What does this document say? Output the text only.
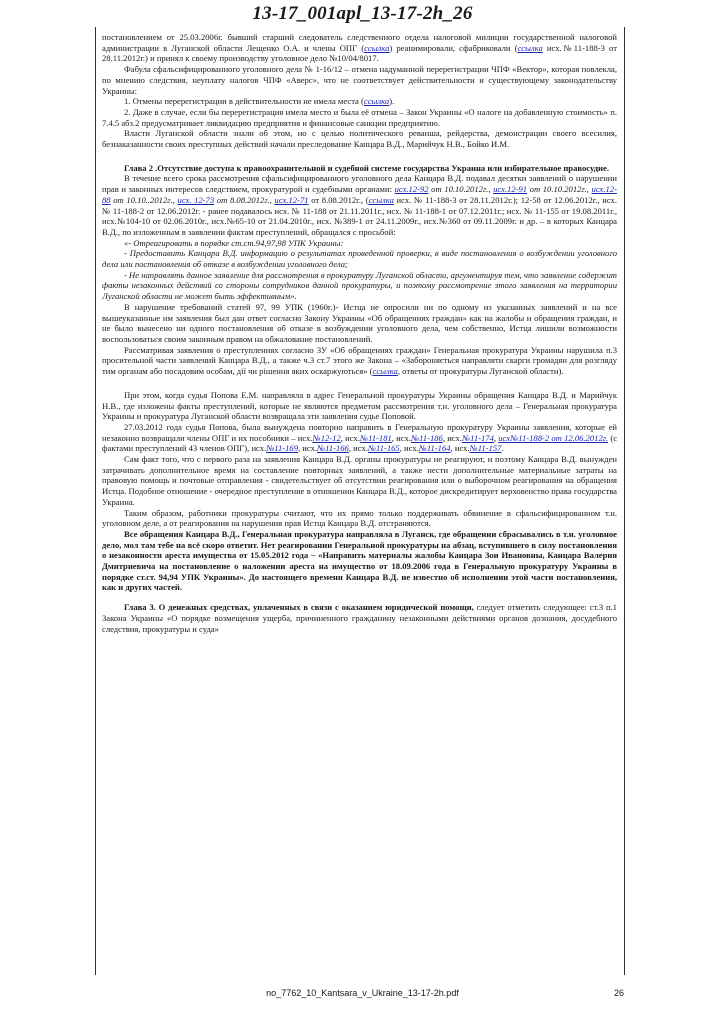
13-17_001apl_13-17-2h_26

постановлением от 25.03.2006г. бывший старший следователь следственного отдела налоговой милиции государственной налоговой администрации в Луганской области Лещенко О.А. и члены ОПГ (ссылка) реанимировали, сфабриковали (ссылка исх.№11-188-3 от 28.11.2012г.) и принял к своему производству уголовное дело №10/04/8017.

Фабула сфальсифицированного уголовного дела № 1-16/12 – отмена надуманной перерегистрации ЧПФ «Вектор», которая повлекла, по мнению следствия, неуплату налогов ЧПФ «Аверс», что не соответствует действительности и существующему законодательству Украины:

1. Отмены перерегистрации в действительности не имела места (ссылка).

2. Даже в случае, если бы перерегистрация имела место и была её отмена – Закон Украины «О налоге на добавленную стоимость» п. 7.4.5 абз.2 предусматривает ликвидацию предприятия и финансовые санкции предприятию.

Власти Луганской области знали об этом, но с целью политического реванша, рейдерства, демонстрации своего всесилия, безнаказанности своих преступных действий начали преследование Канцара В.Д., Марийчук Н.В., Бойко И.М.

Глава 2 .Отсутствие доступа к правоохранительной и судебной системе государства Украина или избирательное правосудие.

В течение всего срока рассмотрения сфальсифицированного уголовного дела Канцара В.Д. подавал десятки заявлений о нарушении прав и законных интересов следствием, прокуратурой и судебными органами: исх.12-92 от 10.10.2012г., исх.12-91 от 10.10.2012г., исх.12-88 от 10.10..2012г., исх. 12-73 от 8.08.2012г., исх.12-71 от 8.08.2012г., (ссылка исх. № 11-188-3 от 28.11.2012г.); 12-58 от 12.06.2012г., исх. № 11-188-2 от 12.06.2012г. - ранее подавалось исх. № 11-188 от 21.11.2011г., исх. № 11-188-1 от 07.12.2011г.; исх. № 11-155 от 19.08.2011г., исх.№104-10 от 02.06.2010г., исх.№65-10 от 21.04.2010г., исх. №389-1 от 24.11.2009г., исх.№360 от 09.11.2009г. и др. – в которых Канцара В.Д., по изложенным в заявлении фактам преступлений, обращался с просьбой:

«- Отреагировать в порядке ст.ст.94,97,98 УПК Украины:

- Предоставить Канцара В.Д. информацию о результатах проведенной проверки, в виде постановления о возбуждении уголовного дела или постановления об отказе в возбуждении уголовного дела;

- Не направлять данное заявление для рассмотрения в прокуратуру Луганской области, аргументируя тем, что заявление содержит факты незаконных действий со стороны сотрудников данной прокуратуры, и поэтому рассмотрение этого заявления на территории Луганской области не может быть эффективным».

В нарушение требований статей 97, 99 УПК (1960г.)- Истца не опросили ни по одному из указанных заявлений и на все вышеуказанные им заявления был дан ответ согласно Закону Украины «Об обращениях граждан» как на жалобы и обращения граждан, и не было вынесено ни одного постановления об отказе в возбуждении уголовного дела, чем собственно, Истца лишили возможности воспользоваться своим законным правом на обжалование постановлений.

Рассматривая заявления о преступлениях согласно ЗУ «Об обращениях граждан» Генеральная прокуратура Украины нарушила п.3 просительной части заявлений Канцара В.Д., а также ч.3 ст.7 этого же Закона – «Забороняється направляти скарги громадян для розгляду тим органам або посадовим особам, дії чи рішення яких оскаржуються» (ссылка, ответы от прокуратуры Луганской области).

При этом, когда судья Попова Е.М. направляла в адрес Генеральной прокуратуры Украины обращения Канцара В.Д. и Марийчук Н.В., где изложены факты преступлений, которые не являются предметом рассмотрения т.н. уголовного дела – Генеральная прокуратура Украины и прокуратура Луганской области возвращала эти заявления судье Поповой.

27.03.2012 года судья Попова, была вынуждена повторно направить в Генеральную прокуратуру Украины заявления, которые ей незаконно возвращали члены ОПГ и их пособники – исх.№12-12, исх.№11-181, исх.№11-186, исх.№11-174, исх№11-188-2 от 12.06.2012г. (с фактами преступлений 43 членов ОПГ), исх.№11-169, исх.№11-166, исх.№11-165, исх.№11-164, исх.№11-157.

Сам факт того, что с первого раза на заявления Канцара В.Д. органы прокуратуры не реагируют, и поэтому Канцара В.Д. вынужден затрачивать дополнительное время на составление повторных заявлений, а также нести дополнительные материальные затраты на правовую помощь и почтовые отправления - свидетельствует об отсутствии реагирования или о выборочном реагирования на обращения Истца. Подобное отношение - очередное преступление в отношении Канцара В.Д., которое дискредитирует верховенство права государства Украина.

Таким образом, работники прокуратуры считают, что их прямо только поддерживать обвинение в сфальсифицированном т.н. уголовном деле, а от реагирования на нарушения прав Истца Канцара В.Д. отстраняются.

Все обращения Канцара В.Д., Генеральная прокуратура направляла в Луганск, где обращении сбрасывались в т.н. уголовное дело, мол там тебе на всё скоро ответит. Нет реагировании Генеральной прокуратуры на абзац, вступившего в силу постановления о незаконности ареста имущества от 15.05.2012 года – «Направить материалы жалобы Канцара Зои Ивановны, Канцара Валерия Дмитриевича на постановление о наложении ареста на имущество от 18.09.2006 года в Генеральную прокуратуру Украины в порядке ст.ст. 94,94 УПК Украины». До настоящего времени Канцара В.Д. не известно об исполнении этой части постановления, как и других частей.

Глава 3. О денежных средствах, уплаченных в связи с оказанием юридической помощи, следует отметить следующее: ст.3 п.1 Закона Украины «О порядке возмещения ущерба, причиненного гражданину незаконными действиями органов дознания, досудебного следствия, прокуратуры и суда»

no_7762_10_Kantsara_v_Ukraine_13-17-2h.pdf	26
